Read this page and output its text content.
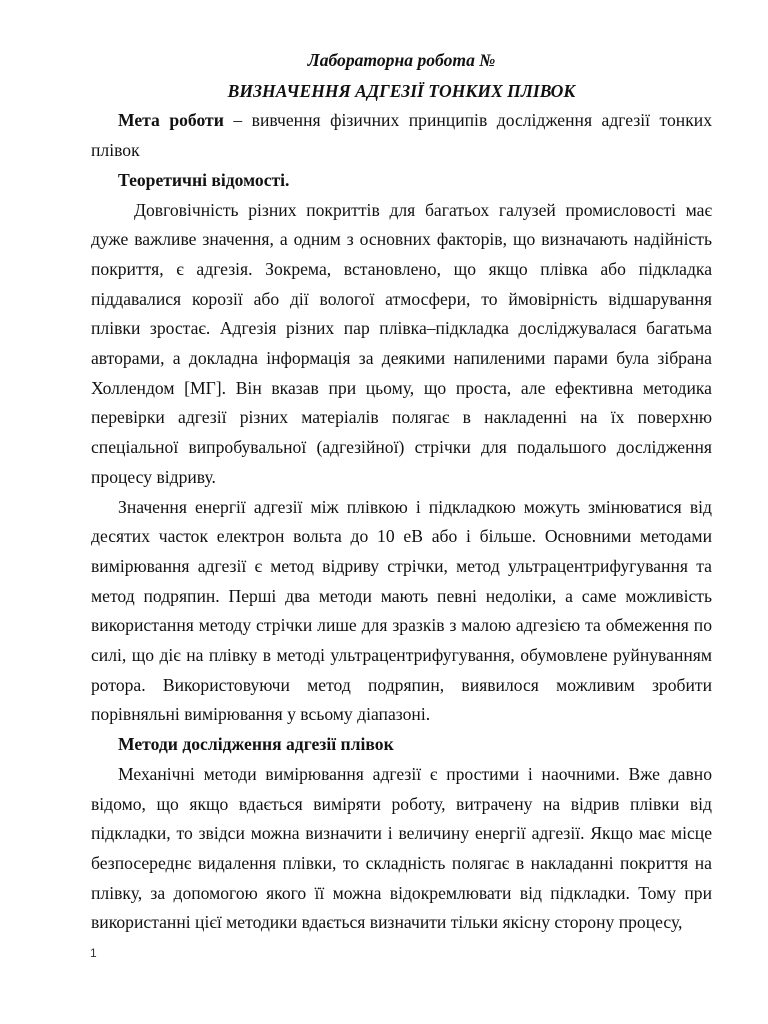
Лабораторна робота №

ВИЗНАЧЕННЯ АДГЕЗІЇ ТОНКИХ ПЛІВОК

Мета роботи – вивчення фізичних принципів дослідження адгезії тонких плівок

Теоретичні відомості.

Довговічність різних покриттів для багатьох галузей промисловості має дуже важливе значення, а одним з основних факторів, що визначають надійність покриття, є адгезія. Зокрема, встановлено, що якщо плівка або підкладка піддавалися корозії або дії вологої атмосфери, то ймовірність відшарування плівки зростає. Адгезія різних пар плівка–підкладка досліджувалася багатьма авторами, а докладна інформація за деякими напиленими парами була зібрана Холлендом [МГ]. Він вказав при цьому, що проста, але ефективна методика перевірки адгезії різних матеріалів полягає в накладенні на їх поверхню спеціальної випробувальної (адгезійної) стрічки для подальшого дослідження процесу відриву.

Значення енергії адгезії між плівкою і підкладкою можуть змінюватися від десятих часток електрон вольта до 10 еВ або і більше. Основними методами вимірювання адгезії є метод відриву стрічки, метод ультрацентрифугування та метод подряпин. Перші два методи мають певні недоліки, а саме можливість використання методу стрічки лише для зразків з малою адгезією та обмеження по силі, що діє на плівку в методі ультрацентрифугування, обумовлене руйнуванням ротора. Використовуючи метод подряпин, виявилося можливим зробити порівняльні вимірювання у всьому діапазоні.

Методи дослідження адгезії плівок

Механічні методи вимірювання адгезії є простими і наочними. Вже давно відомо, що якщо вдається виміряти роботу, витрачену на відрив плівки від підкладки, то звідси можна визначити і величину енергії адгезії. Якщо має місце безпосереднє видалення плівки, то складність полягає в накладанні покриття на плівку, за допомогою якого її можна відокремлювати від підкладки. Тому при використанні цієї методики вдається визначити тільки якісну сторону процесу,

1
